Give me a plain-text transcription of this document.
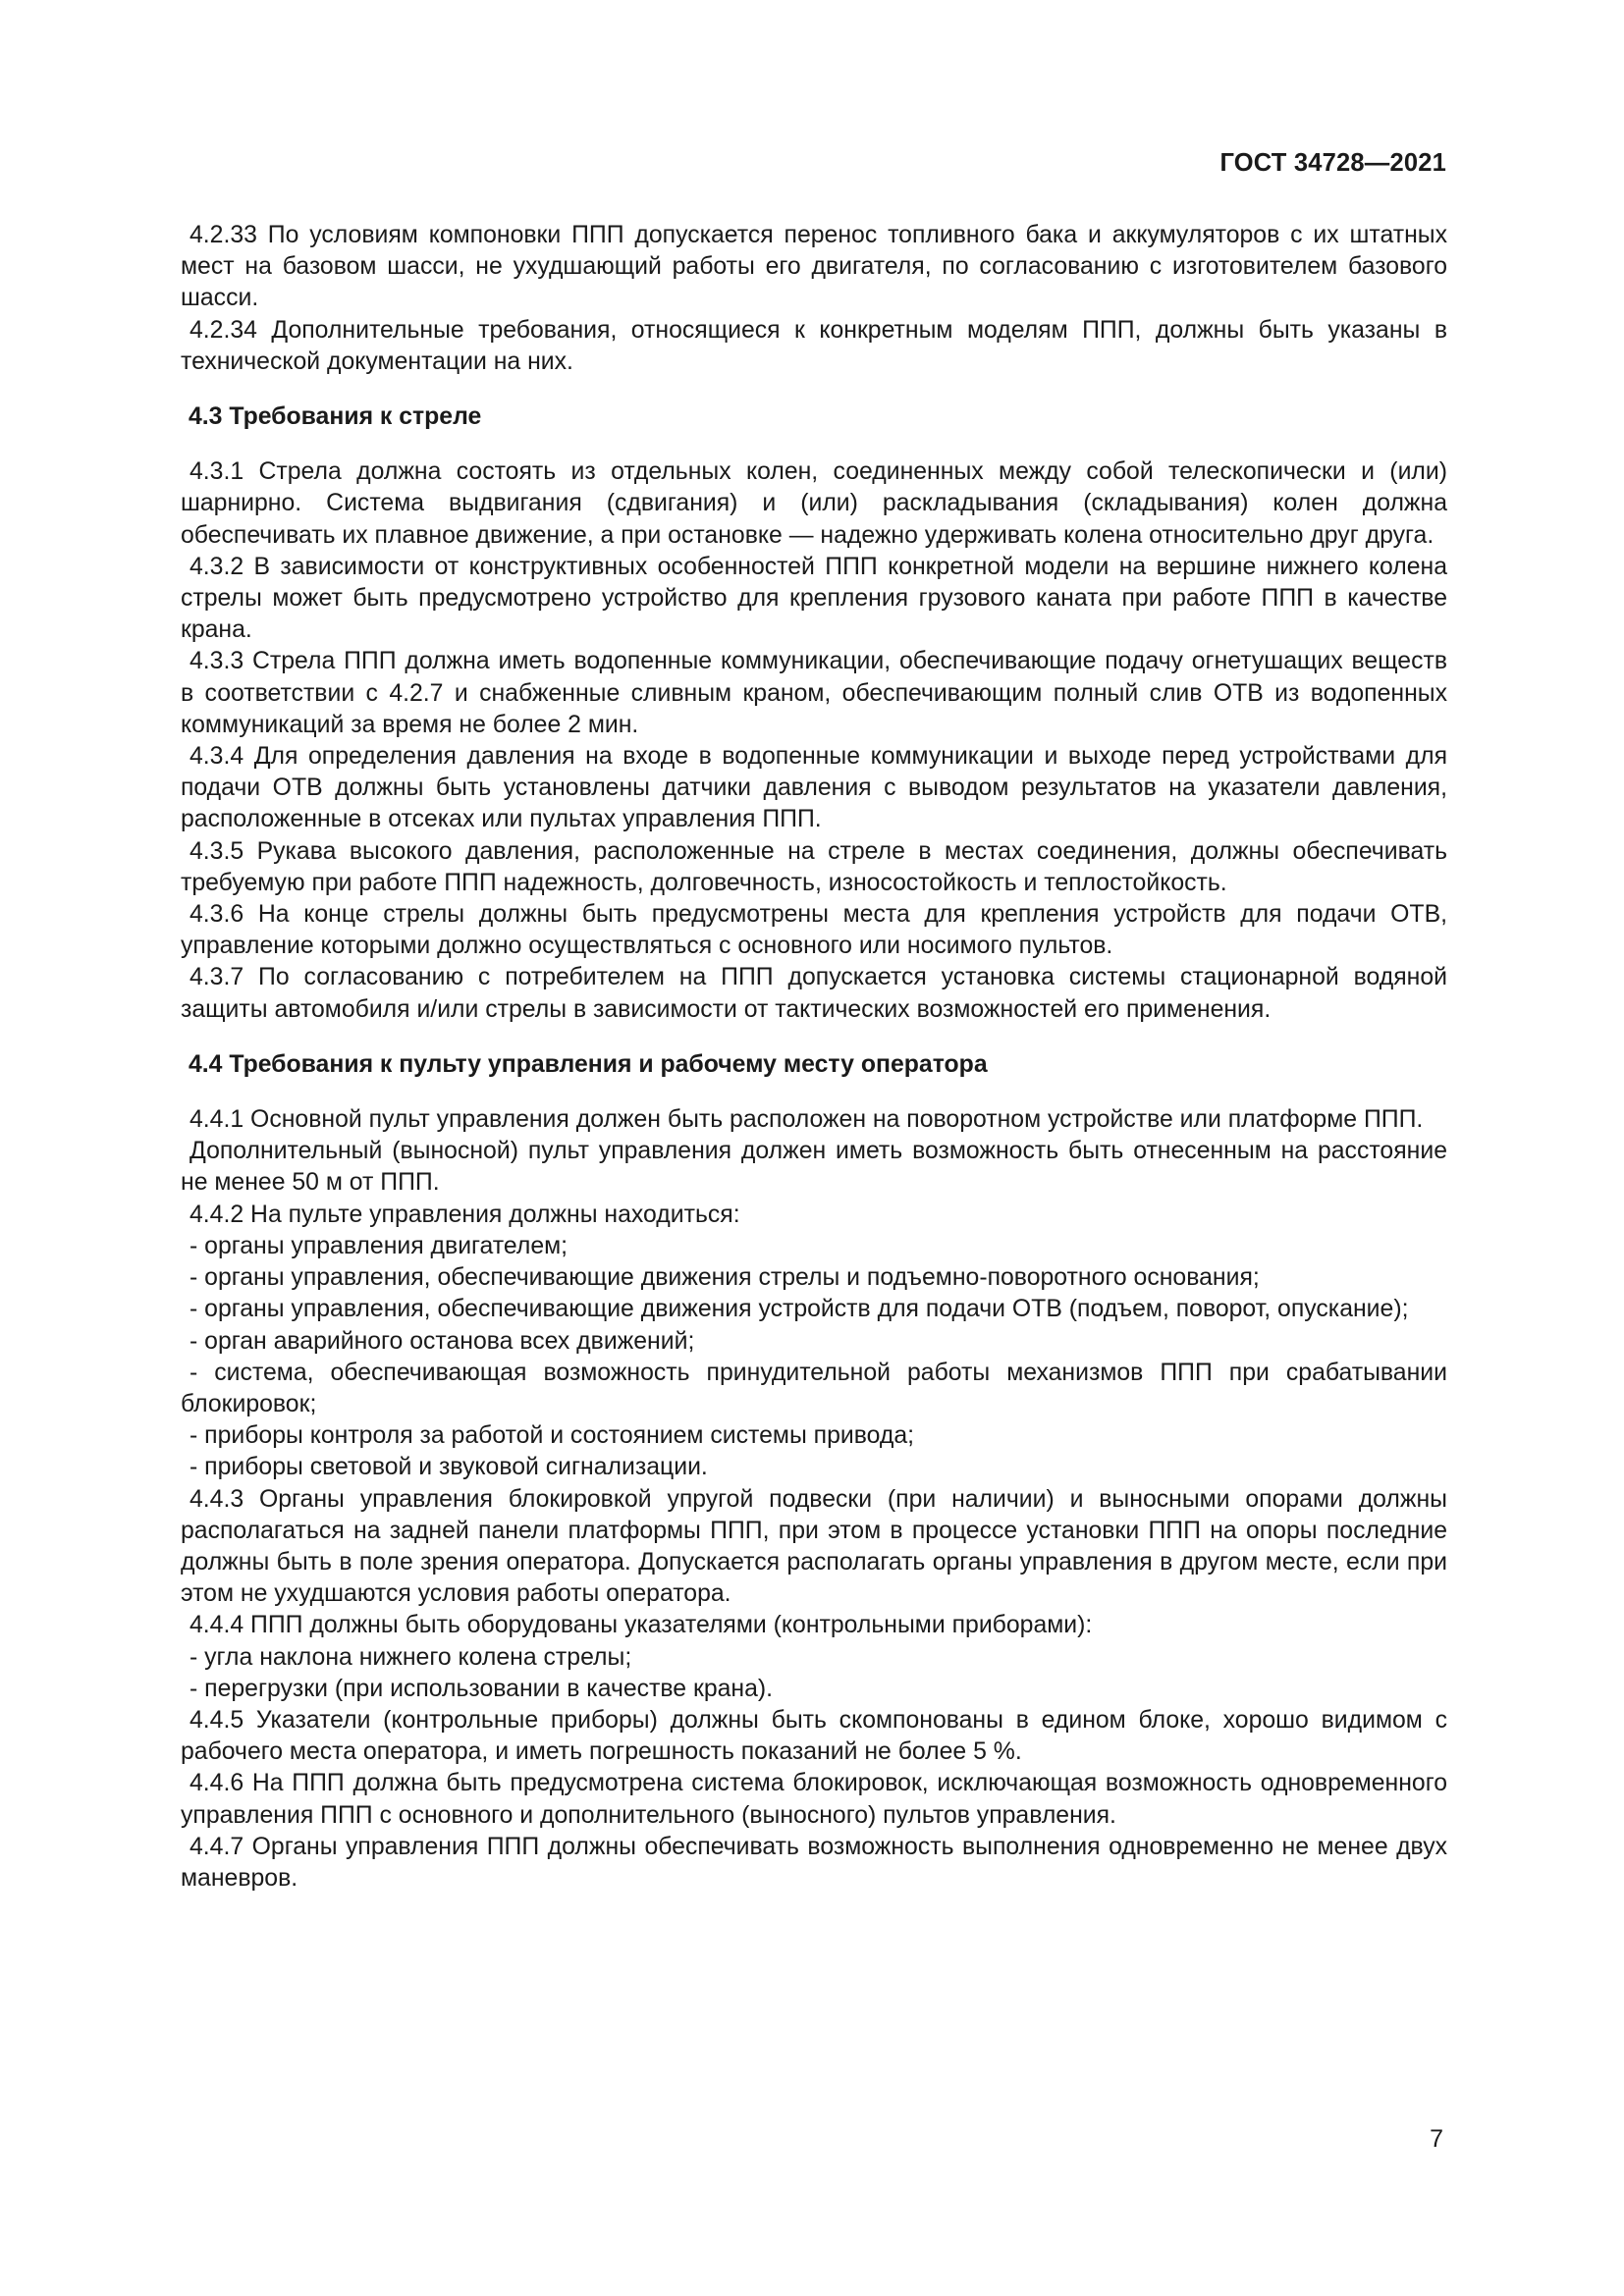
ГОСТ 34728—2021

4.2.33 По условиям компоновки ППП допускается перенос топливного бака и аккумуляторов с их штатных мест на базовом шасси, не ухудшающий работы его двигателя, по согласованию с изготовителем базового шасси.

4.2.34 Дополнительные требования, относящиеся к конкретным моделям ППП, должны быть указаны в технической документации на них.

4.3 Требования к стреле

4.3.1 Стрела должна состоять из отдельных колен, соединенных между собой телескопически и (или) шарнирно. Система выдвигания (сдвигания) и (или) раскладывания (складывания) колен должна обеспечивать их плавное движение, а при остановке — надежно удерживать колена относительно друг друга.

4.3.2 В зависимости от конструктивных особенностей ППП конкретной модели на вершине нижнего колена стрелы может быть предусмотрено устройство для крепления грузового каната при работе ППП в качестве крана.

4.3.3 Стрела ППП должна иметь водопенные коммуникации, обеспечивающие подачу огнетушащих веществ в соответствии с 4.2.7 и снабженные сливным краном, обеспечивающим полный слив ОТВ из водопенных коммуникаций за время не более 2 мин.

4.3.4 Для определения давления на входе в водопенные коммуникации и выходе перед устройствами для подачи ОТВ должны быть установлены датчики давления с выводом результатов на указатели давления, расположенные в отсеках или пультах управления ППП.

4.3.5 Рукава высокого давления, расположенные на стреле в местах соединения, должны обеспечивать требуемую при работе ППП надежность, долговечность, износостойкость и теплостойкость.

4.3.6 На конце стрелы должны быть предусмотрены места для крепления устройств для подачи ОТВ, управление которыми должно осуществляться с основного или носимого пультов.

4.3.7 По согласованию с потребителем на ППП допускается установка системы стационарной водяной защиты автомобиля и/или стрелы в зависимости от тактических возможностей его применения.

4.4 Требования к пульту управления и рабочему месту оператора

4.4.1 Основной пульт управления должен быть расположен на поворотном устройстве или платформе ППП.

Дополнительный (выносной) пульт управления должен иметь возможность быть отнесенным на расстояние не менее 50 м от ППП.

4.4.2 На пульте управления должны находиться:

- органы управления двигателем;

- органы управления, обеспечивающие движения стрелы и подъемно-поворотного основания;

- органы управления, обеспечивающие движения устройств для подачи ОТВ (подъем, поворот, опускание);

- орган аварийного останова всех движений;

- система, обеспечивающая возможность принудительной работы механизмов ППП при срабатывании блокировок;

- приборы контроля за работой и состоянием системы привода;

- приборы световой и звуковой сигнализации.

4.4.3 Органы управления блокировкой упругой подвески (при наличии) и выносными опорами должны располагаться на задней панели платформы ППП, при этом в процессе установки ППП на опоры последние должны быть в поле зрения оператора. Допускается располагать органы управления в другом месте, если при этом не ухудшаются условия работы оператора.

4.4.4 ППП должны быть оборудованы указателями (контрольными приборами):

- угла наклона нижнего колена стрелы;

- перегрузки (при использовании в качестве крана).

4.4.5 Указатели (контрольные приборы) должны быть скомпонованы в едином блоке, хорошо видимом с рабочего места оператора, и иметь погрешность показаний не более 5 %.

4.4.6 На ППП должна быть предусмотрена система блокировок, исключающая возможность одновременного управления ППП с основного и дополнительного (выносного) пультов управления.

4.4.7 Органы управления ППП должны обеспечивать возможность выполнения одновременно не менее двух маневров.

7
